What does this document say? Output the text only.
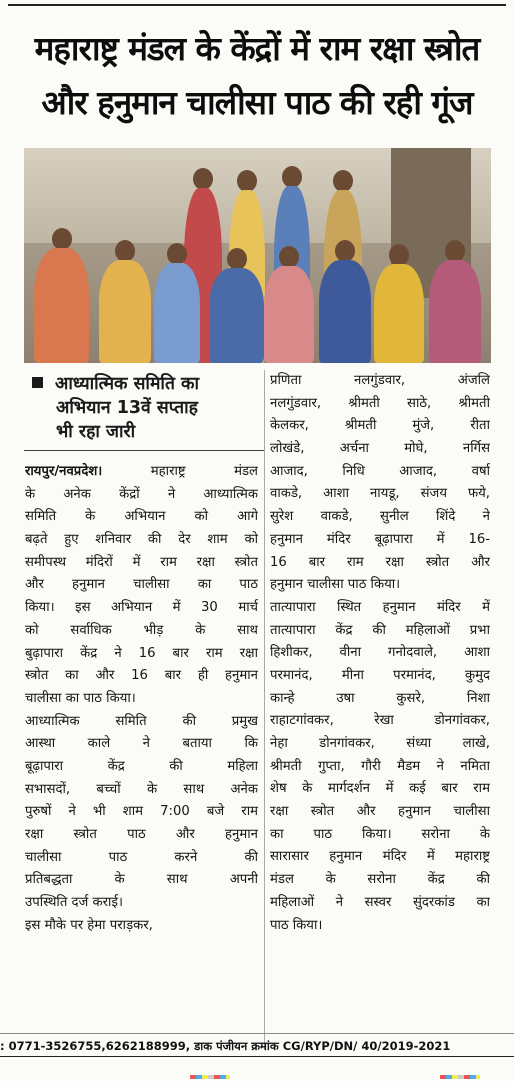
महाराष्ट्र मंडल के केंद्रों में राम रक्षा स्त्रोत
और हनुमान चालीसा पाठ की रही गूंज
आध्यात्मिक समिति का
अभियान 13वें सप्ताह
भी रहा जारी
रायपुर/नवप्रदेश। महाराष्ट्र मंडल
के अनेक केंद्रों ने आध्यात्मिक
समिति के अभियान को आगे
बढ़ते हुए शनिवार की देर शाम को
समीपस्थ मंदिरों में राम रक्षा स्त्रोत
और हनुमान चालीसा का पाठ
किया। इस अभियान में 30 मार्च
को सर्वाधिक भीड़ के साथ
बुढ़ापारा केंद्र ने 16 बार राम रक्षा
स्त्रोत का और 16 बार ही हनुमान
चालीसा का पाठ किया।
आध्यात्मिक समिति की प्रमुख
आस्था काले ने बताया कि
बूढ़ापारा केंद्र की महिला
सभासदों, बच्चों के साथ अनेक
पुरुषों ने भी शाम 7:00 बजे राम
रक्षा स्त्रोत पाठ और हनुमान
चालीसा पाठ करने की
प्रतिबद्धता के साथ अपनी
उपस्थिति दर्ज कराई।
इस मौके पर हेमा पराड़कर,
प्रणिता नलगुंडवार, अंजलि
नलगुंडवार, श्रीमती साठे, श्रीमती
केलकर, श्रीमती मुंजे, रीता
लोखंडे, अर्चना मोघे, नर्गिस
आजाद, निधि आजाद, वर्षा
वाकडे, आशा नायडू, संजय फये,
सुरेश वाकडे, सुनील शिंदे ने
हनुमान मंदिर बूढ़ापारा में 16-
16 बार राम रक्षा स्त्रोत और
हनुमान चालीसा पाठ किया।
तात्यापारा स्थित हनुमान मंदिर में
तात्यापारा केंद्र की महिलाओं प्रभा
हिशीकर, वीना गनोदवाले, आशा
परमानंद, मीना परमानंद, कुमुद
कान्हे उषा कुसरे, निशा
राहाटगांवकर, रेखा डोनगांवकर,
नेहा डोनगांवकर, संध्या लाखे,
श्रीमती गुप्ता, गौरी मैडम ने नमिता
शेष के मार्गदर्शन में कई बार राम
रक्षा स्त्रोत और हनुमान चालीसा
का पाठ किया। सरोना के
सारासार हनुमान मंदिर में महाराष्ट्र
मंडल के सरोना केंद्र की
महिलाओं ने सस्वर सुंदरकांड का
पाठ किया।
: 0771-3526755,6262188999, डाक पंजीयन क्रमांक CG/RYP/DN/ 40/2019-2021
